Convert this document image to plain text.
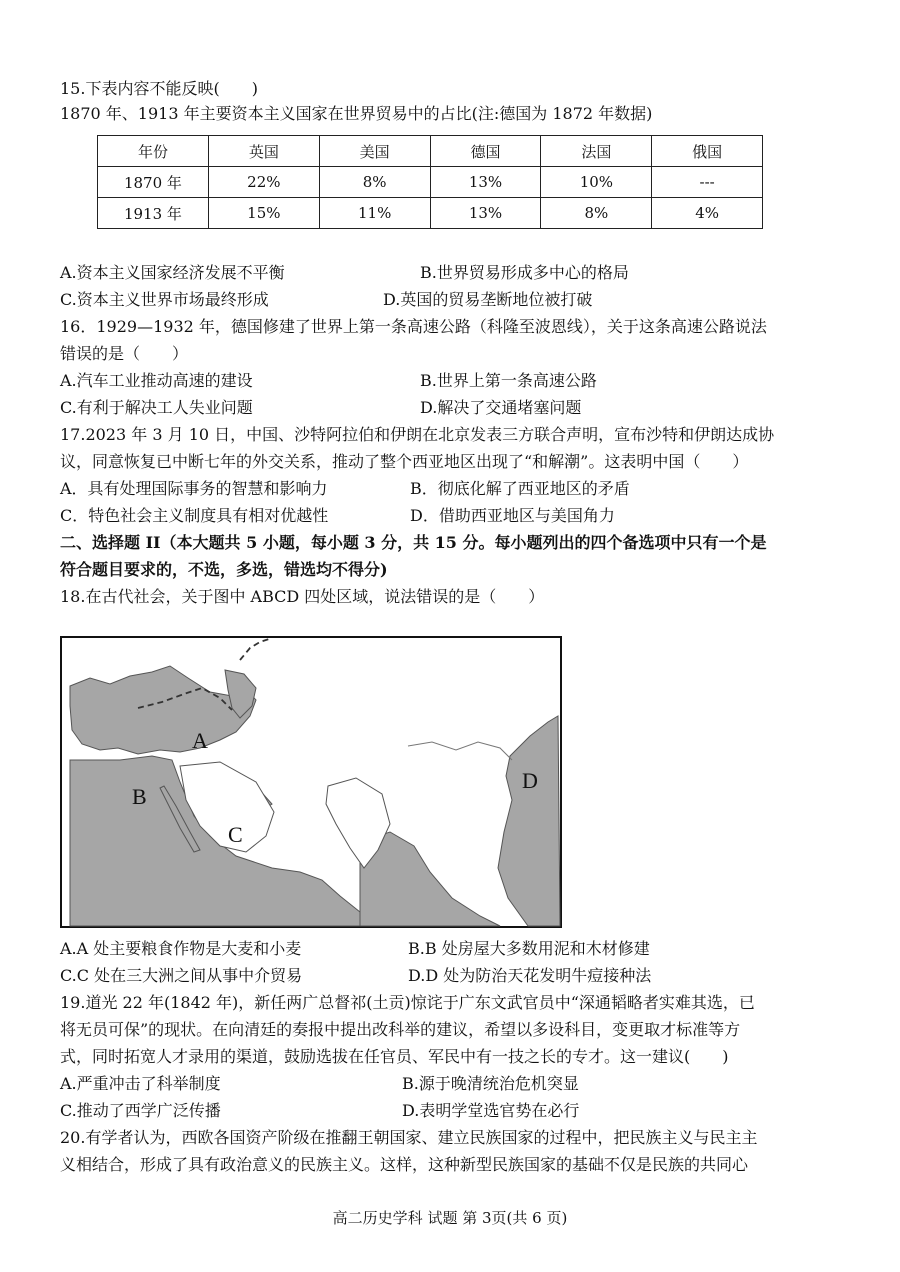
15.下表内容不能反映(　　)
1870 年、1913 年主要资本主义国家在世界贸易中的占比(注:德国为 1872 年数据)
年份	英国	美国	德国	法国	俄国
1870 年	22%	8%	13%	10%	---
1913 年	15%	11%	13%	8%	4%
A.资本主义国家经济发展不平衡	B.世界贸易形成多中心的格局
C.资本主义世界市场最终形成	D.英国的贸易垄断地位被打破
16．1929—1932 年，德国修建了世界上第一条高速公路（科隆至波恩线），关于这条高速公路说法
错误的是（　　）
A.汽车工业推动高速的建设	B.世界上第一条高速公路
C.有利于解决工人失业问题	D.解决了交通堵塞问题
17.2023 年 3 月 10 日，中国、沙特阿拉伯和伊朗在北京发表三方联合声明，宣布沙特和伊朗达成协
议，同意恢复已中断七年的外交关系，推动了整个西亚地区出现了“和解潮”。这表明中国（　　）
A．具有处理国际事务的智慧和影响力	B．彻底化解了西亚地区的矛盾
C．特色社会主义制度具有相对优越性	D．借助西亚地区与美国角力
二、选择题 II（本大题共 5 小题，每小题 3 分，共 15 分。每小题列出的四个备选项中只有一个是
符合题目要求的，不选，多选，错选均不得分)
18.在古代社会，关于图中 ABCD 四处区域，说法错误的是（　　）
A
B
C
D
A.A 处主要粮食作物是大麦和小麦	B.B 处房屋大多数用泥和木材修建
C.C 处在三大洲之间从事中介贸易	D.D 处为防治天花发明牛痘接种法
19.道光 22 年(1842 年)，新任两广总督祁(土贡)惊诧于广东文武官员中“深通韬略者实难其选，已
将无员可保”的现状。在向清廷的奏报中提出改科举的建议，希望以多设科目，变更取才标准等方
式，同时拓宽人才录用的渠道，鼓励选拔在任官员、军民中有一技之长的专才。这一建议(　　)
A.严重冲击了科举制度	B.源于晚清统治危机突显
C.推动了西学广泛传播	D.表明学堂选官势在必行
20.有学者认为，西欧各国资产阶级在推翻王朝国家、建立民族国家的过程中，把民族主义与民主主
义相结合，形成了具有政治意义的民族主义。这样，这种新型民族国家的基础不仅是民族的共同心
高二历史学科 试题 第 3页(共 6 页)
